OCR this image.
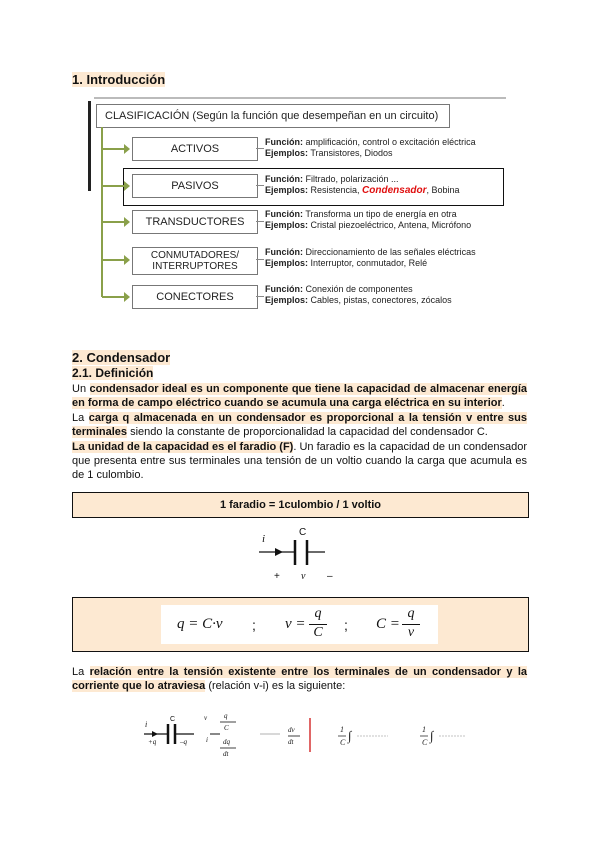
1. Introducción
CLASIFICACIÓN (Según la función que desempeñan en un circuito)
ACTIVOS
Función: amplificación, control o excitación eléctrica
Ejemplos: Transistores, Diodos
PASIVOS
Función: Filtrado, polarización ...
Ejemplos: Resistencia, Condensador, Bobina
TRANSDUCTORES
Función: Transforma un tipo de energía en otra
Ejemplos: Cristal piezoeléctrico, Antena, Micrófono
CONMUTADORES/ INTERRUPTORES
Función: Direccionamiento de las señales eléctricas
Ejemplos: Interruptor, conmutador, Relé
CONECTORES
Función: Conexión de componentes
Ejemplos: Cables, pistas, conectores, zócalos
2. Condensador
2.1. Definición
Un condensador ideal es un componente que tiene la capacidad de almacenar energía en forma de campo eléctrico cuando se acumula una carga eléctrica en su interior.
La carga q almacenada en un condensador es proporcional a la tensión v entre sus terminales siendo la constante de proporcionalidad la capacidad del condensador C.
La unidad de la capacidad es el faradio (F). Un faradio es la capacidad de un condensador que presenta entre sus terminales una tensión de un voltio cuando la carga que acumula es de 1 culombio.
1 faradio = 1culombio / 1 voltio
i
C
+ v –
q = C·v ; v =
q
C ; C =
q
v
La relación entre la tensión existente entre los terminales de un condensador y la corriente que lo atraviesa (relación v-i) es la siguiente:
1
C ∫	1
C ∫
i
C
+q	–q
v q
C
i dq
dt
dv
dt
